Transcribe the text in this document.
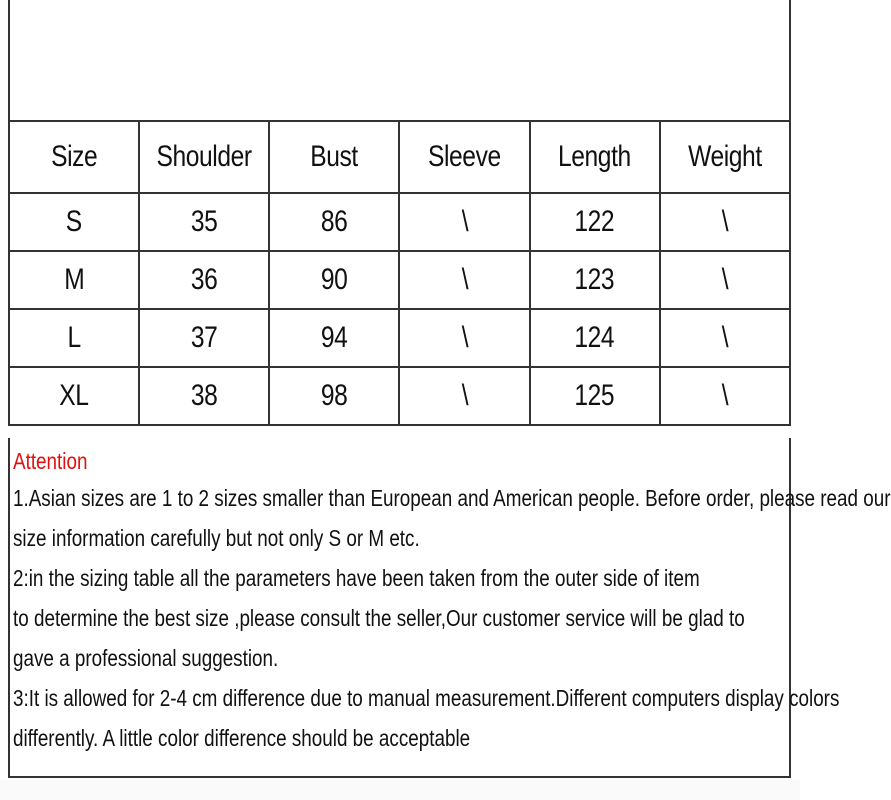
Size	Shoulder	Bust	Sleeve	Length	Weight
S	35	86	\	122	\
M	36	90	\	123	\
L	37	94	\	124	\
XL	38	98	\	125	\
Attention
1.Asian sizes are 1 to 2 sizes smaller than European and American people. Before order, please read our
size information carefully but not only S or M etc.
2:in the sizing table all the parameters have been taken from the outer side of item
to determine the best size ,please consult the seller,Our customer service will be glad to
gave a professional suggestion.
3:It is allowed for 2-4 cm difference due to manual measurement.Different computers display colors
differently. A little color difference should be acceptable
